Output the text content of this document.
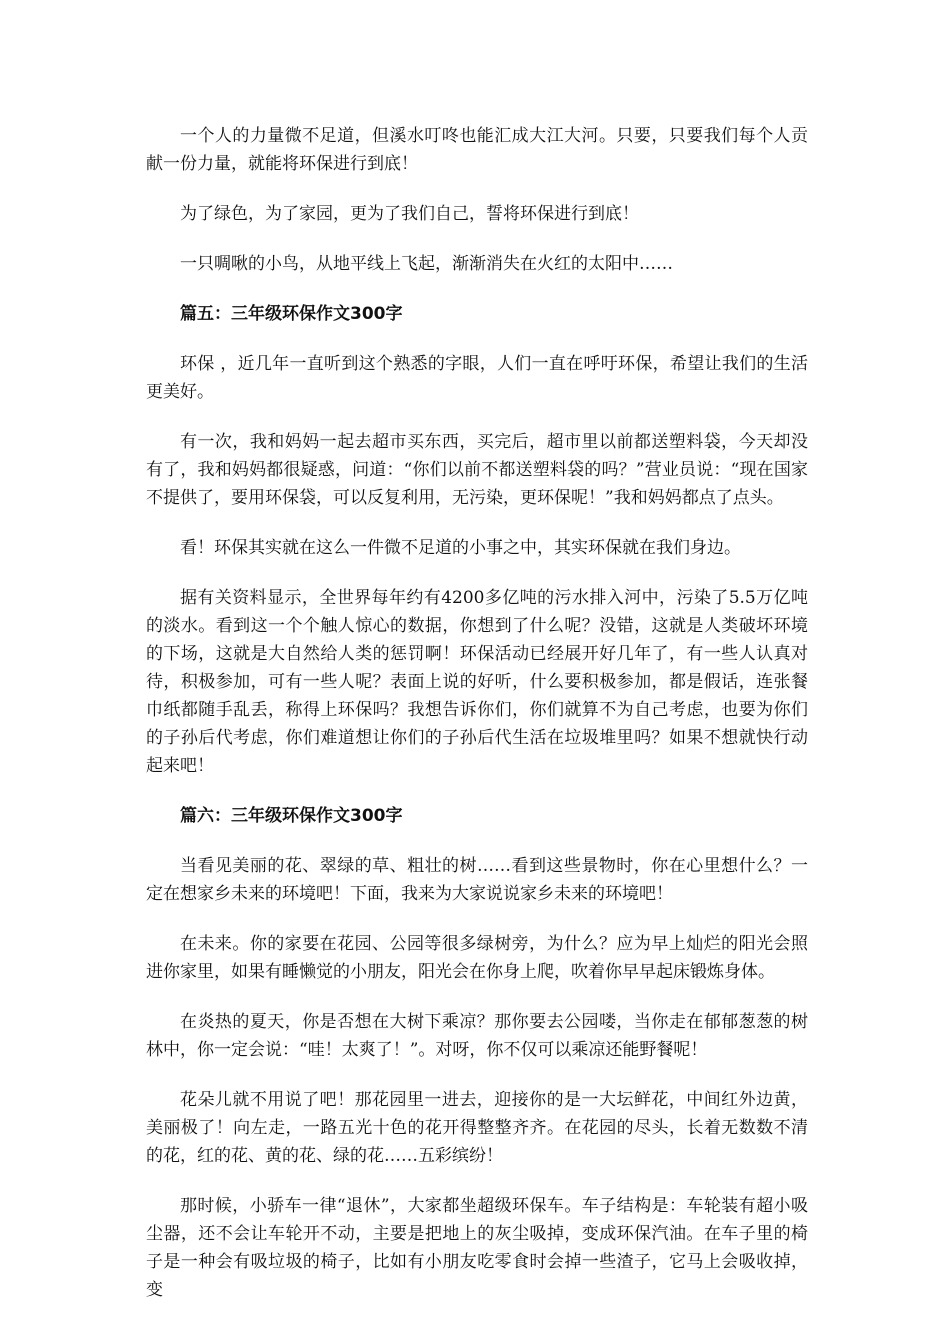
一个人的力量微不足道，但溪水叮咚也能汇成大江大河。只要，只要我们每个人贡献一份力量，就能将环保进行到底！

为了绿色，为了家园，更为了我们自己，誓将环保进行到底！

一只啁啾的小鸟，从地平线上飞起，渐渐消失在火红的太阳中……

篇五：三年级环保作文300字

环保 ，近几年一直听到这个熟悉的字眼，人们一直在呼吁环保，希望让我们的生活更美好。

有一次，我和妈妈一起去超市买东西，买完后，超市里以前都送塑料袋，今天却没有了，我和妈妈都很疑惑，问道：“你们以前不都送塑料袋的吗？”营业员说：“现在国家不提供了，要用环保袋，可以反复利用，无污染，更环保呢！”我和妈妈都点了点头。

看！环保其实就在这么一件微不足道的小事之中，其实环保就在我们身边。

据有关资料显示，全世界每年约有4200多亿吨的污水排入河中，污染了5.5万亿吨的淡水。看到这一个个触人惊心的数据，你想到了什么呢？没错，这就是人类破坏环境的下场，这就是大自然给人类的惩罚啊！环保活动已经展开好几年了，有一些人认真对待，积极参加，可有一些人呢？表面上说的好听，什么要积极参加，都是假话，连张餐巾纸都随手乱丢，称得上环保吗？我想告诉你们，你们就算不为自己考虑，也要为你们的子孙后代考虑，你们难道想让你们的子孙后代生活在垃圾堆里吗？如果不想就快行动起来吧！

篇六：三年级环保作文300字

当看见美丽的花、翠绿的草、粗壮的树……看到这些景物时，你在心里想什么？一定在想家乡未来的环境吧！下面，我来为大家说说家乡未来的环境吧！

在未来。你的家要在花园、公园等很多绿树旁，为什么？应为早上灿烂的阳光会照进你家里，如果有睡懒觉的小朋友，阳光会在你身上爬，吹着你早早起床锻炼身体。

在炎热的夏天，你是否想在大树下乘凉？那你要去公园喽，当你走在郁郁葱葱的树林中，你一定会说：“哇！太爽了！”。对呀，你不仅可以乘凉还能野餐呢！

花朵儿就不用说了吧！那花园里一进去，迎接你的是一大坛鲜花，中间红外边黄，美丽极了！向左走，一路五光十色的花开得整整齐齐。在花园的尽头，长着无数数不清的花，红的花、黄的花、绿的花……五彩缤纷！

那时候，小骄车一律“退休”，大家都坐超级环保车。车子结构是：车轮装有超小吸尘器，还不会让车轮开不动，主要是把地上的灰尘吸掉，变成环保汽油。在车子里的椅子是一种会有吸垃圾的椅子，比如有小朋友吃零食时会掉一些渣子，它马上会吸收掉，变
